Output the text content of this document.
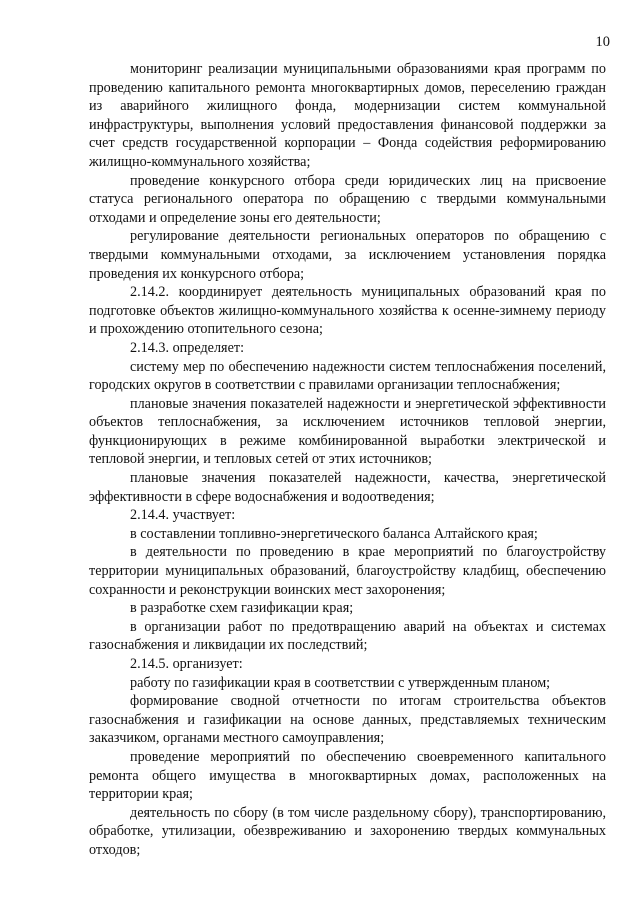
10

мониторинг реализации муниципальными образованиями края программ по проведению капитального ремонта многоквартирных домов, переселению граждан из аварийного жилищного фонда, модернизации систем коммунальной инфраструктуры, выполнения условий предоставления финансовой поддержки за счет средств государственной корпорации – Фонда содействия реформированию жилищно-коммунального хозяйства;

проведение конкурсного отбора среди юридических лиц на присвоение статуса регионального оператора по обращению с твердыми коммунальными отходами и определение зоны его деятельности;

регулирование деятельности региональных операторов по обращению с твердыми коммунальными отходами, за исключением установления порядка проведения их конкурсного отбора;

2.14.2. координирует деятельность муниципальных образований края по подготовке объектов жилищно-коммунального хозяйства к осенне-зимнему периоду и прохождению отопительного сезона;

2.14.3. определяет:

систему мер по обеспечению надежности систем теплоснабжения поселений, городских округов в соответствии с правилами организации теплоснабжения;

плановые значения показателей надежности и энергетической эффективности объектов теплоснабжения, за исключением источников тепловой энергии, функционирующих в режиме комбинированной выработки электрической и тепловой энергии, и тепловых сетей от этих источников;

плановые значения показателей надежности, качества, энергетической эффективности в сфере водоснабжения и водоотведения;

2.14.4. участвует:

в составлении топливно-энергетического баланса Алтайского края;

в деятельности по проведению в крае мероприятий по благоустройству территории муниципальных образований, благоустройству кладбищ, обеспечению сохранности и реконструкции воинских мест захоронения;

в разработке схем газификации края;

в организации работ по предотвращению аварий на объектах и системах газоснабжения и ликвидации их последствий;

2.14.5. организует:

работу по газификации края в соответствии с утвержденным планом;

формирование сводной отчетности по итогам строительства объектов газоснабжения и газификации на основе данных, представляемых техническим заказчиком, органами местного самоуправления;

проведение мероприятий по обеспечению своевременного капитального ремонта общего имущества в многоквартирных домах, расположенных на территории края;

деятельность по сбору (в том числе раздельному сбору), транспортированию, обработке, утилизации, обезвреживанию и захоронению твердых коммунальных отходов;
